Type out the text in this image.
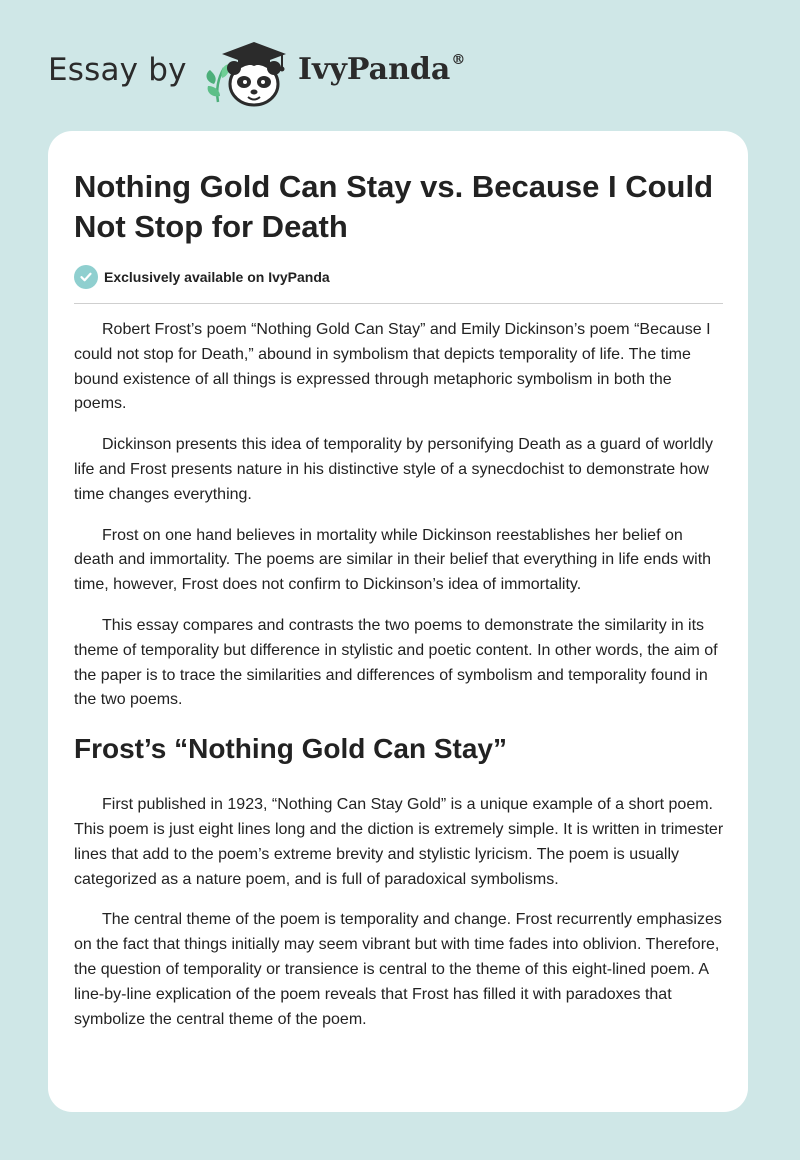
Essay by	IvyPanda®
Nothing Gold Can Stay vs. Because I Could Not Stop for Death
Exclusively available on IvyPanda

Robert Frost’s poem “Nothing Gold Can Stay” and Emily Dickinson’s poem “Because I could not stop for Death,” abound in symbolism that depicts temporality of life. The time bound existence of all things is expressed through metaphoric symbolism in both the poems.

Dickinson presents this idea of temporality by personifying Death as a guard of worldly life and Frost presents nature in his distinctive style of a synecdochist to demonstrate how time changes everything.

Frost on one hand believes in mortality while Dickinson reestablishes her belief on death and immortality. The poems are similar in their belief that everything in life ends with time, however, Frost does not confirm to Dickinson’s idea of immortality.

This essay compares and contrasts the two poems to demonstrate the similarity in its theme of temporality but difference in stylistic and poetic content. In other words, the aim of the paper is to trace the similarities and differences of symbolism and temporality found in the two poems.

Frost’s “Nothing Gold Can Stay”

First published in 1923, “Nothing Can Stay Gold” is a unique example of a short poem. This poem is just eight lines long and the diction is extremely simple. It is written in trimester lines that add to the poem’s extreme brevity and stylistic lyricism. The poem is usually categorized as a nature poem, and is full of paradoxical symbolisms.

The central theme of the poem is temporality and change. Frost recurrently emphasizes on the fact that things initially may seem vibrant but with time fades into oblivion. Therefore, the question of temporality or transience is central to the theme of this eight-lined poem. A line-by-line explication of the poem reveals that Frost has filled it with paradoxes that symbolize the central theme of the poem.
